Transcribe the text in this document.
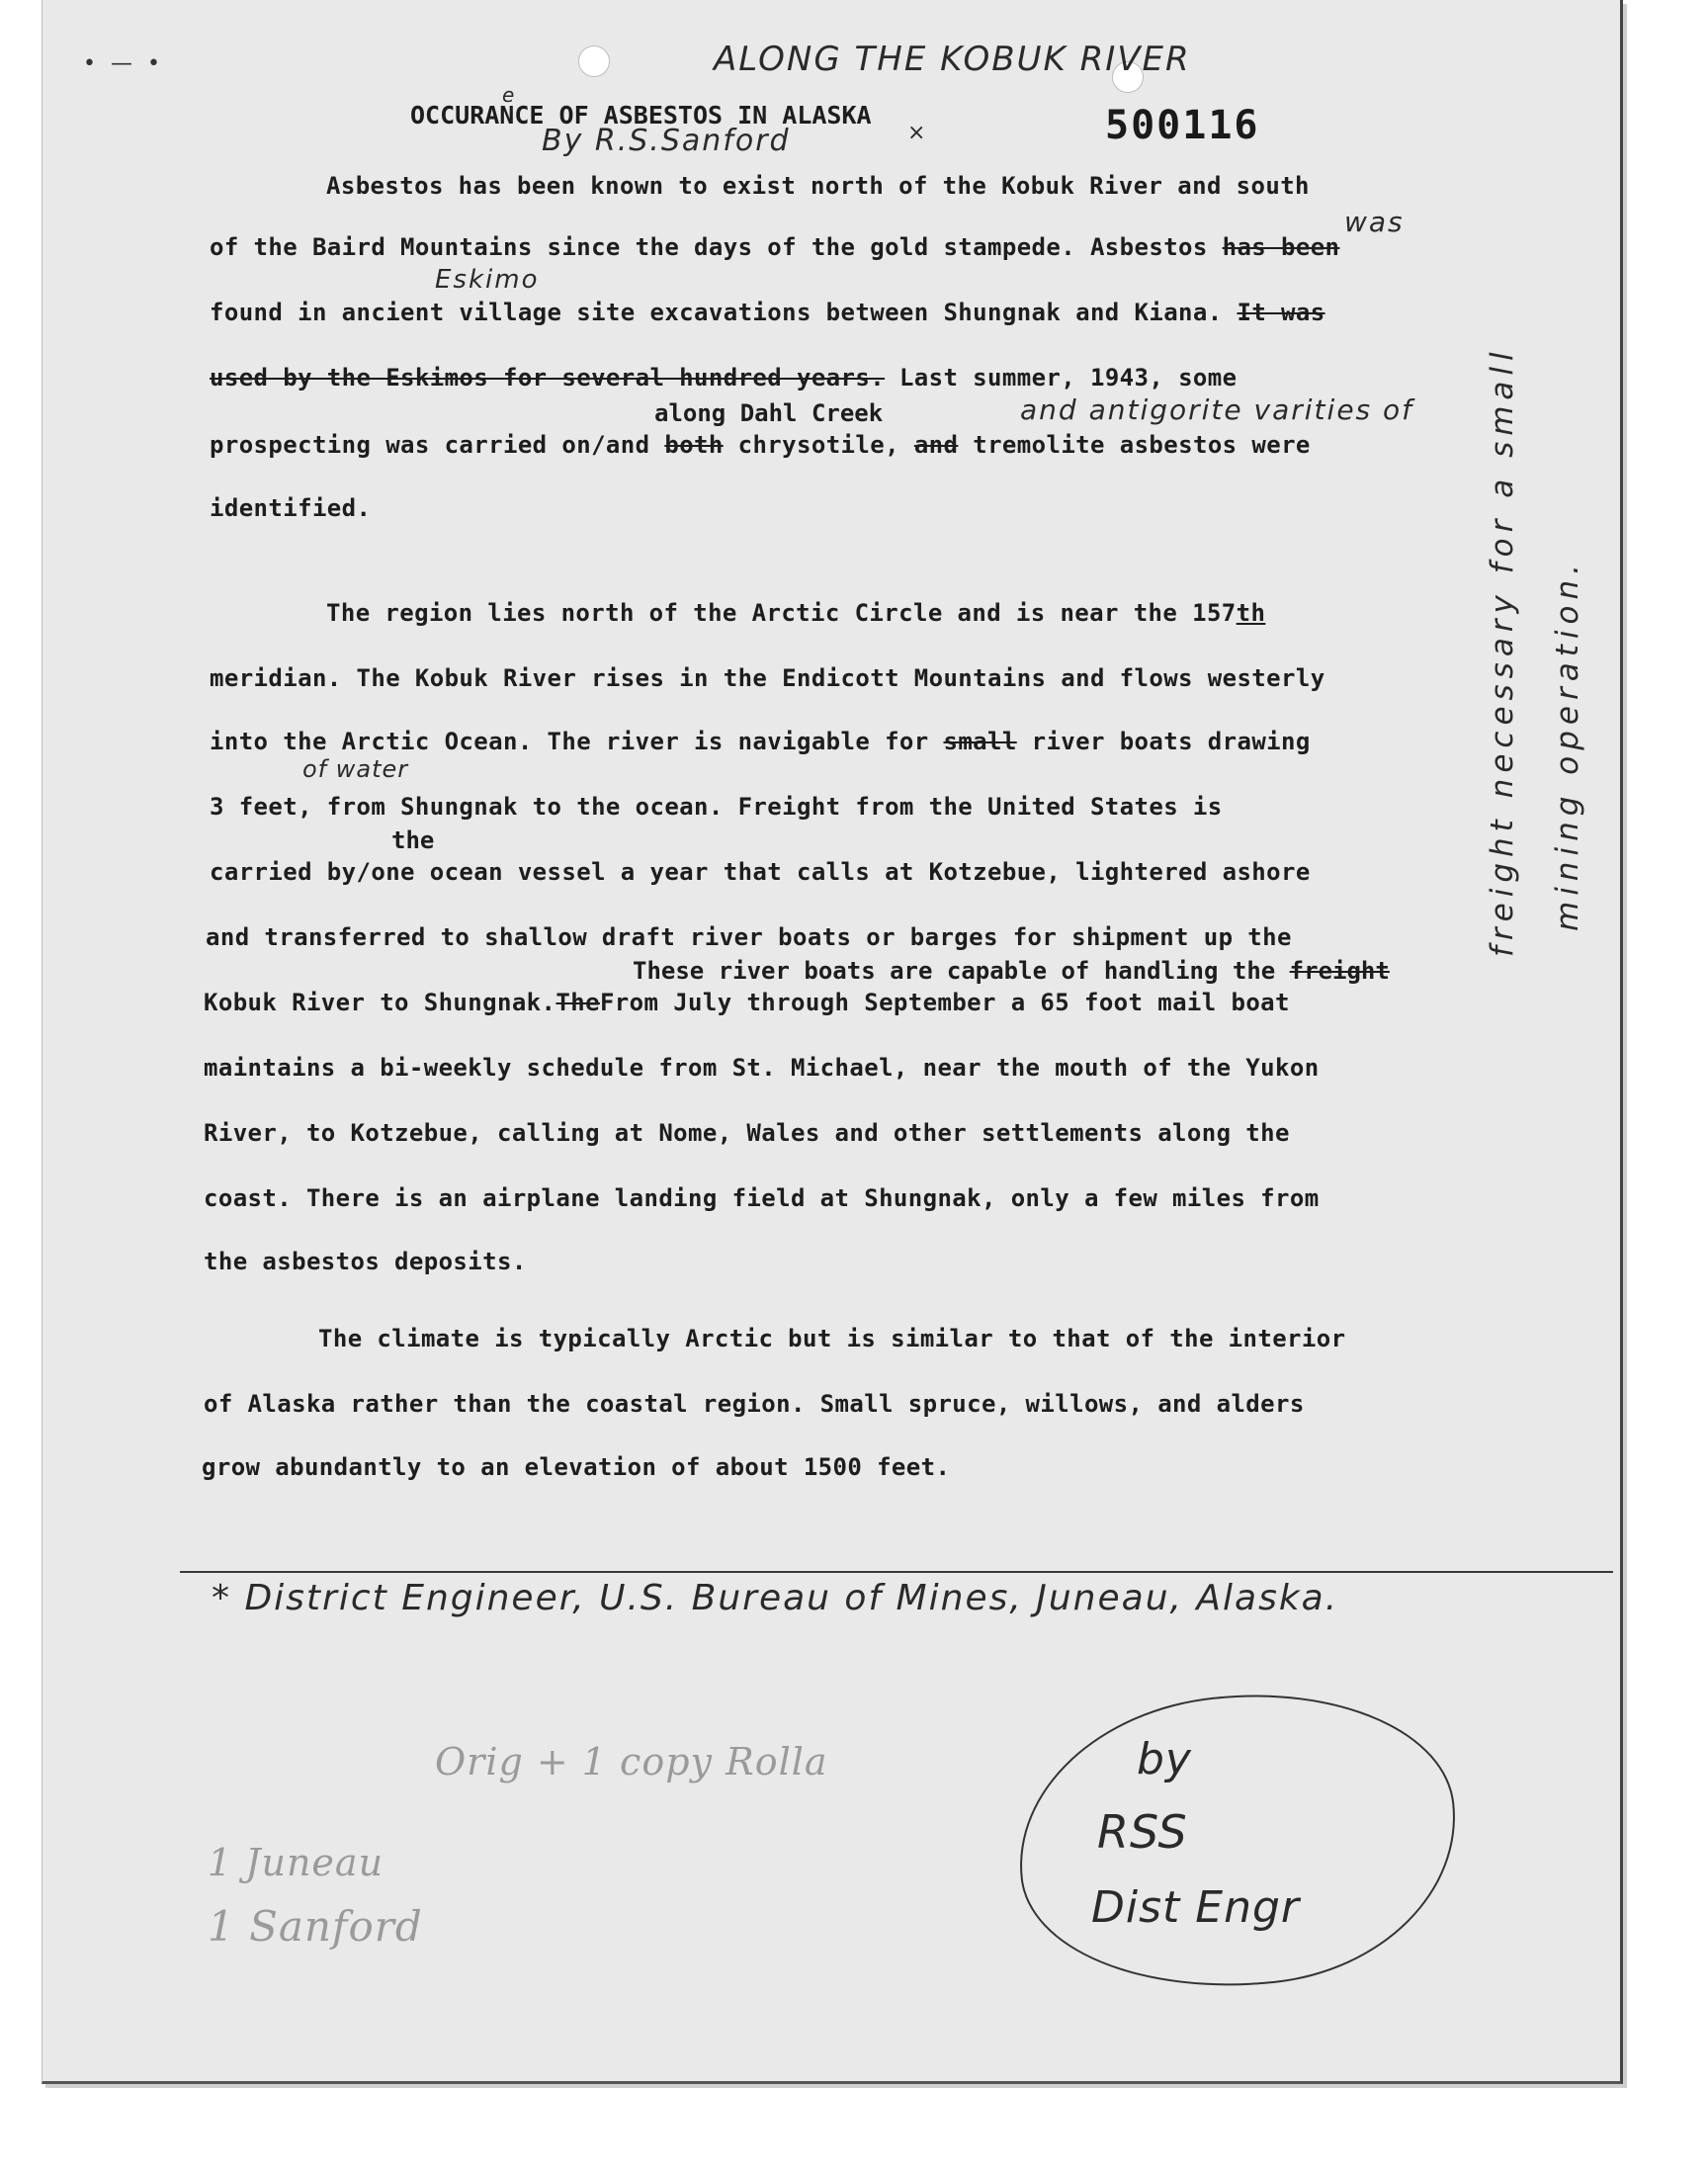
• — •	ALONG THE KOBUK RIVER
OCCURANCE OF ASBESTOS IN ALASKA
e
By R.S.Sanford	×	500116
Asbestos has been known to exist north of the Kobuk River and south
was
of the Baird Mountains since the days of the gold stampede. Asbestos has been
Eskimo
found in ancient village site excavations between Shungnak and Kiana. It was
used by the Eskimos for several hundred years. Last summer, 1943, some
along Dahl Creek	and antigorite varities of
prospecting was carried on/and both chrysotile, and tremolite asbestos were
identified.
The region lies north of the Arctic Circle and is near the 157th
meridian. The Kobuk River rises in the Endicott Mountains and flows westerly
into the Arctic Ocean. The river is navigable for small river boats drawing
of water
3 feet, from Shungnak to the ocean. Freight from the United States is
the
carried by/one ocean vessel a year that calls at Kotzebue, lightered ashore
and transferred to shallow draft river boats or barges for shipment up the
These river boats are capable of handling the freight
Kobuk River to Shungnak.TheFrom July through September a 65 foot mail boat
maintains a bi-weekly schedule from St. Michael, near the mouth of the Yukon
River, to Kotzebue, calling at Nome, Wales and other settlements along the
coast. There is an airplane landing field at Shungnak, only a few miles from
the asbestos deposits.
The climate is typically Arctic but is similar to that of the interior
of Alaska rather than the coastal region. Small spruce, willows, and alders
grow abundantly to an elevation of about 1500 feet.
freight necessary for a small mining operation.
* District Engineer, U.S. Bureau of Mines, Juneau, Alaska.
Orig + 1 copy Rolla
1 Juneau
1 Sanford
by
RSS
Dist Engr
